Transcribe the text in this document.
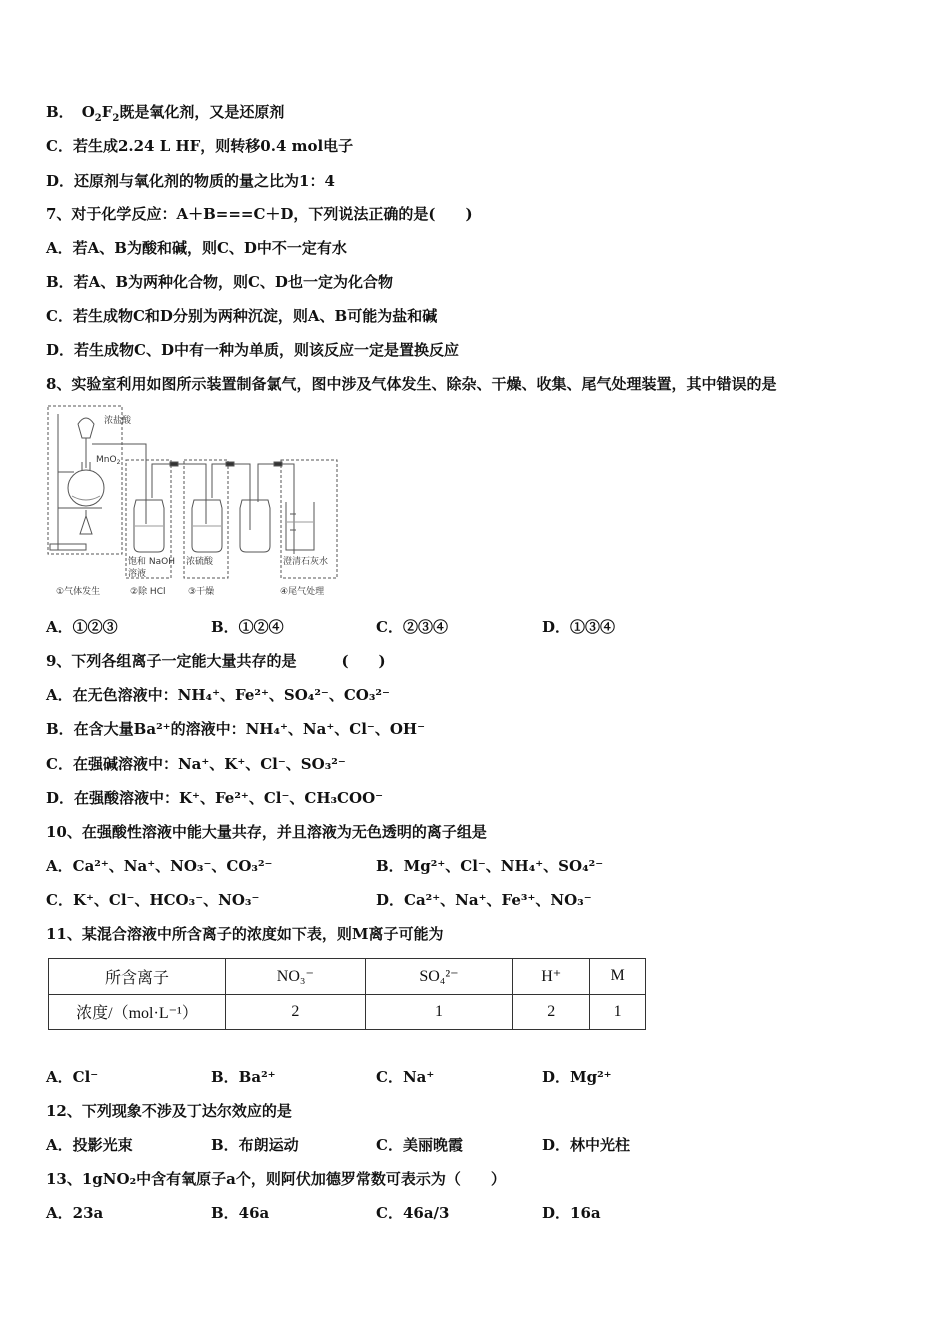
B． $O_2F_2$既是氧化剂，又是还原剂
C．若生成2.24 L HF，则转移0.4 mol电子
D．还原剂与氧化剂的物质的量之比为1：4
7、对于化学反应：A＋B===C＋D，下列说法正确的是(　　)
A．若A、B为酸和碱，则C、D中不一定有水
B．若A、B为两种化合物，则C、D也一定为化合物
C．若生成物C和D分别为两种沉淀，则A、B可能为盐和碱
D．若生成物C、D中有一种为单质，则该反应一定是置换反应
8、实验室利用如图所示装置制备氯气，图中涉及气体发生、除杂、干燥、收集、尾气处理装置，其中错误的是
浓盐酸
MnO$_2$
饱和 NaOH
溶液
浓硫酸	澄清石灰水
①气体发生	②除 HCl	③干燥	④尾气处理
A．①②③	B．①②④	C．②③④	D．①③④
9、下列各组离子一定能大量共存的是　　　(　　)
A．在无色溶液中：NH₄⁺、Fe²⁺、SO₄²⁻、CO₃²⁻
B．在含大量Ba²⁺的溶液中：NH₄⁺、Na⁺、Cl⁻、OH⁻
C．在强碱溶液中：Na⁺、K⁺、Cl⁻、SO₃²⁻
D．在强酸溶液中：K⁺、Fe²⁺、Cl⁻、CH₃COO⁻
10、在强酸性溶液中能大量共存，并且溶液为无色透明的离子组是
A．Ca²⁺、Na⁺、NO₃⁻、CO₃²⁻	B．Mg²⁺、Cl⁻、NH₄⁺、SO₄²⁻
C．K⁺、Cl⁻、HCO₃⁻、NO₃⁻	D．Ca²⁺、Na⁺、Fe³⁺、NO₃⁻
11、某混合溶液中所含离子的浓度如下表，则M离子可能为
所含离子	NO₃⁻	SO₄²⁻	H⁺	M
浓度/（mol·L⁻¹）	2	1	2	1
A．Cl⁻	B．Ba²⁺	C．Na⁺	D．Mg²⁺
12、下列现象不涉及丁达尔效应的是
A．投影光束	B．布朗运动	C．美丽晚霞	D．林中光柱
13、1gNO₂中含有氧原子a个，则阿伏加德罗常数可表示为（　　）
A．23a	B．46a	C．46a/3	D．16a
